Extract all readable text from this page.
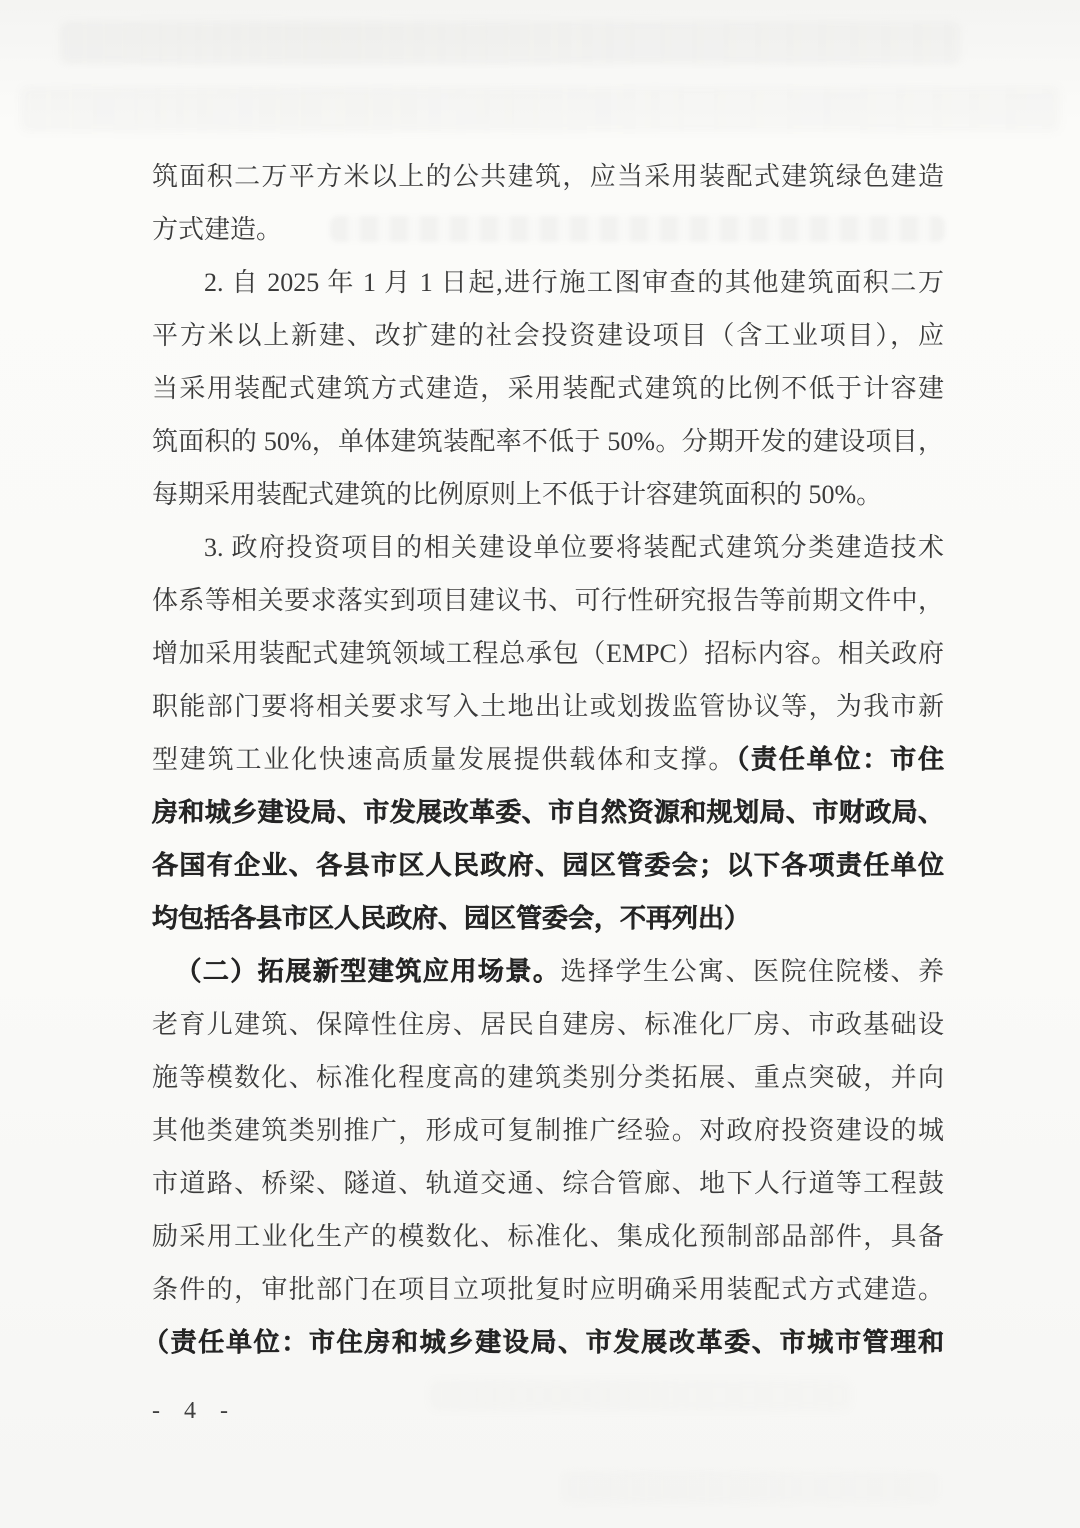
筑面积二万平方米以上的公共建筑，应当采用装配式建筑绿色建造
方式建造。
2. 自 2025 年 1 月 1 日起,进行施工图审查的其他建筑面积二万
平方米以上新建、改扩建的社会投资建设项目（含工业项目），应
当采用装配式建筑方式建造，采用装配式建筑的比例不低于计容建
筑面积的 50%，单体建筑装配率不低于 50%。分期开发的建设项目，
每期采用装配式建筑的比例原则上不低于计容建筑面积的 50%。
3. 政府投资项目的相关建设单位要将装配式建筑分类建造技术
体系等相关要求落实到项目建议书、可行性研究报告等前期文件中，
增加采用装配式建筑领域工程总承包（EMPC）招标内容。相关政府
职能部门要将相关要求写入土地出让或划拨监管协议等，为我市新
型建筑工业化快速高质量发展提供载体和支撑。（责任单位：市住
房和城乡建设局、市发展改革委、市自然资源和规划局、市财政局、
各国有企业、各县市区人民政府、园区管委会；以下各项责任单位
均包括各县市区人民政府、园区管委会，不再列出）
（二）拓展新型建筑应用场景。选择学生公寓、医院住院楼、养
老育儿建筑、保障性住房、居民自建房、标准化厂房、市政基础设
施等模数化、标准化程度高的建筑类别分类拓展、重点突破，并向
其他类建筑类别推广，形成可复制推广经验。对政府投资建设的城
市道路、桥梁、隧道、轨道交通、综合管廊、地下人行道等工程鼓
励采用工业化生产的模数化、标准化、集成化预制部品部件，具备
条件的，审批部门在项目立项批复时应明确采用装配式方式建造。
（责任单位：市住房和城乡建设局、市发展改革委、市城市管理和
- 4 -
